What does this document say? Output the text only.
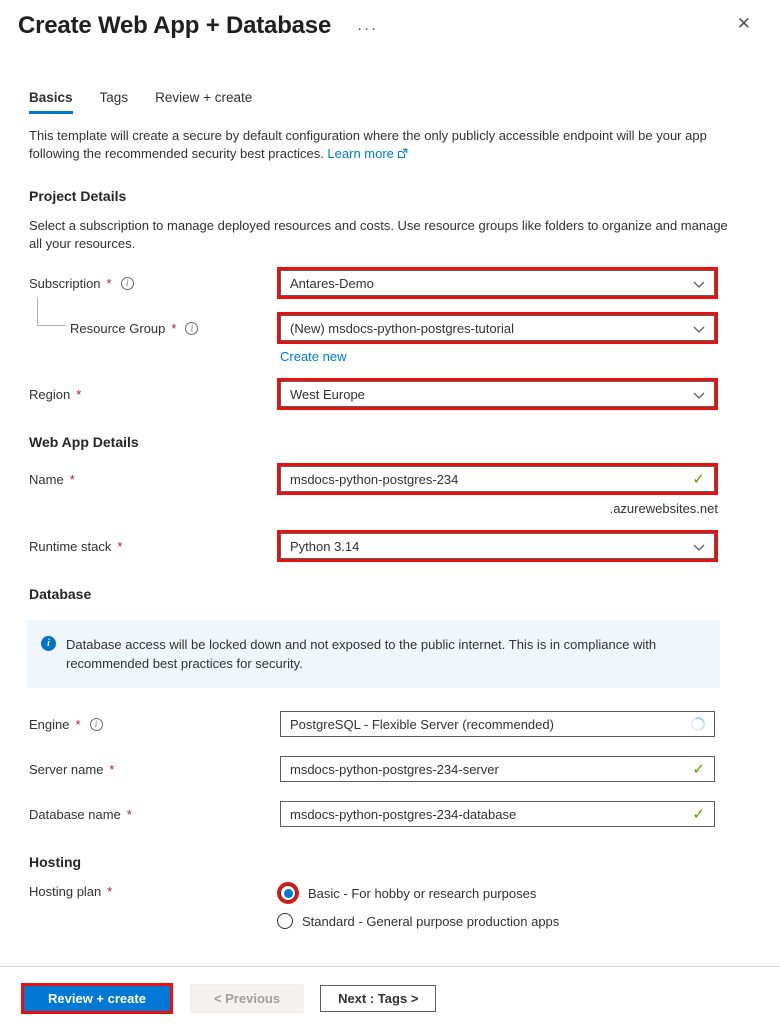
Create Web App + Database ···	✕
Basics Tags Review + create

This template will create a secure by default configuration where the only publicly accessible endpoint will be your app following the recommended security best practices. Learn more

Project Details

Select a subscription to manage deployed resources and costs. Use resource groups like folders to organize and manage all your resources.

Subscription *	i	Antares-Demo
Resource Group *	i	(New) msdocs-python-postgres-tutorial
Create new
Region *	West Europe
Web App Details
Name *	msdocs-python-postgres-234	✓
.azurewebsites.net
Runtime stack *	Python 3.14
Database
i	Database access will be locked down and not exposed to the public internet. This is in compliance with recommended best practices for security.
Engine *	i	PostgreSQL - Flexible Server (recommended)
Server name *	msdocs-python-postgres-234-server	✓
Database name *	msdocs-python-postgres-234-database	✓
Hosting
Hosting plan *	Basic - For hobby or research purposes
Standard - General purpose production apps
Review + create	< Previous	Next : Tags >
